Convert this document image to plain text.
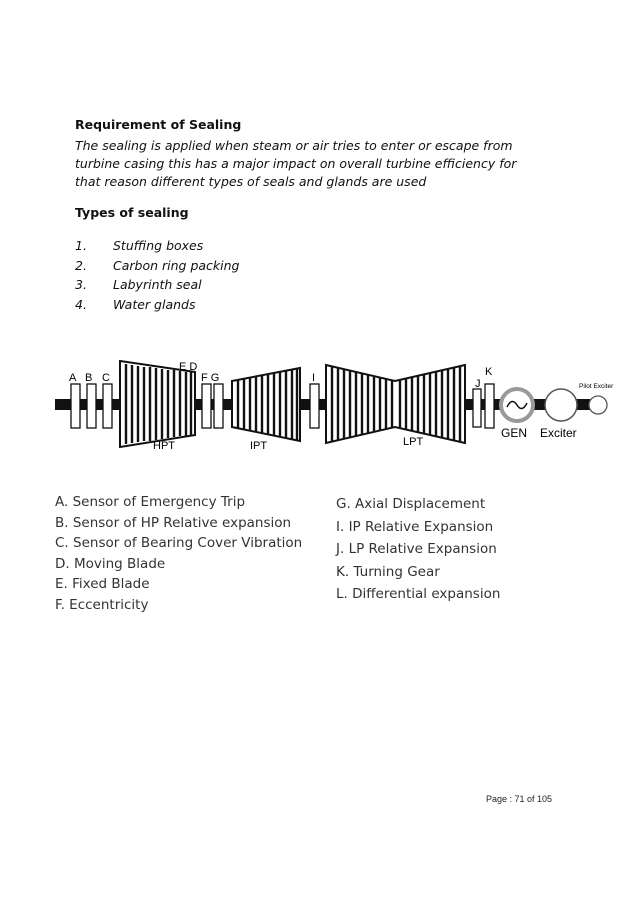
Requirement of Sealing
The sealing is applied when steam or air tries to enter or escape from
turbine casing this has a major impact on overall turbine efficiency for
that reason different types of seals and glands are used
Types of sealing
1.	Stuffing boxes
2.	Carbon ring packing
3.	Labyrinth seal
4.	Water glands
A B C
E D
HPT
F G
IPT
I
LPT
J
K
GEN Exciter
Pilot Exciter
A. Sensor of Emergency Trip
B. Sensor of HP Relative expansion
C. Sensor of Bearing Cover Vibration
D. Moving Blade
E. Fixed Blade
F. Eccentricity
G. Axial Displacement
I. IP Relative Expansion
J. LP Relative Expansion
K. Turning Gear
L. Differential expansion
Page : 71 of 105
